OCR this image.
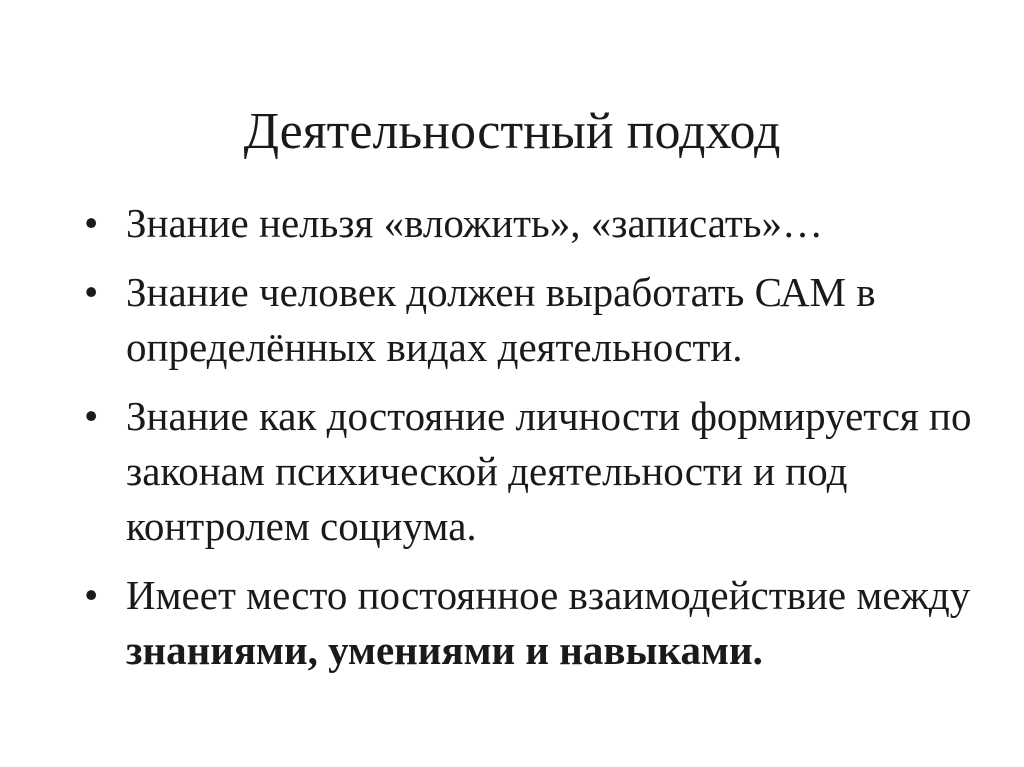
Деятельностный подход
• Знание нельзя «вложить», «записать»…
• Знание человек должен выработать САМ в определённых видах деятельности.
• Знание как достояние личности формируется по законам психической деятельности и под контролем социума.
• Имеет место постоянное взаимодействие между знаниями, умениями и навыками.
